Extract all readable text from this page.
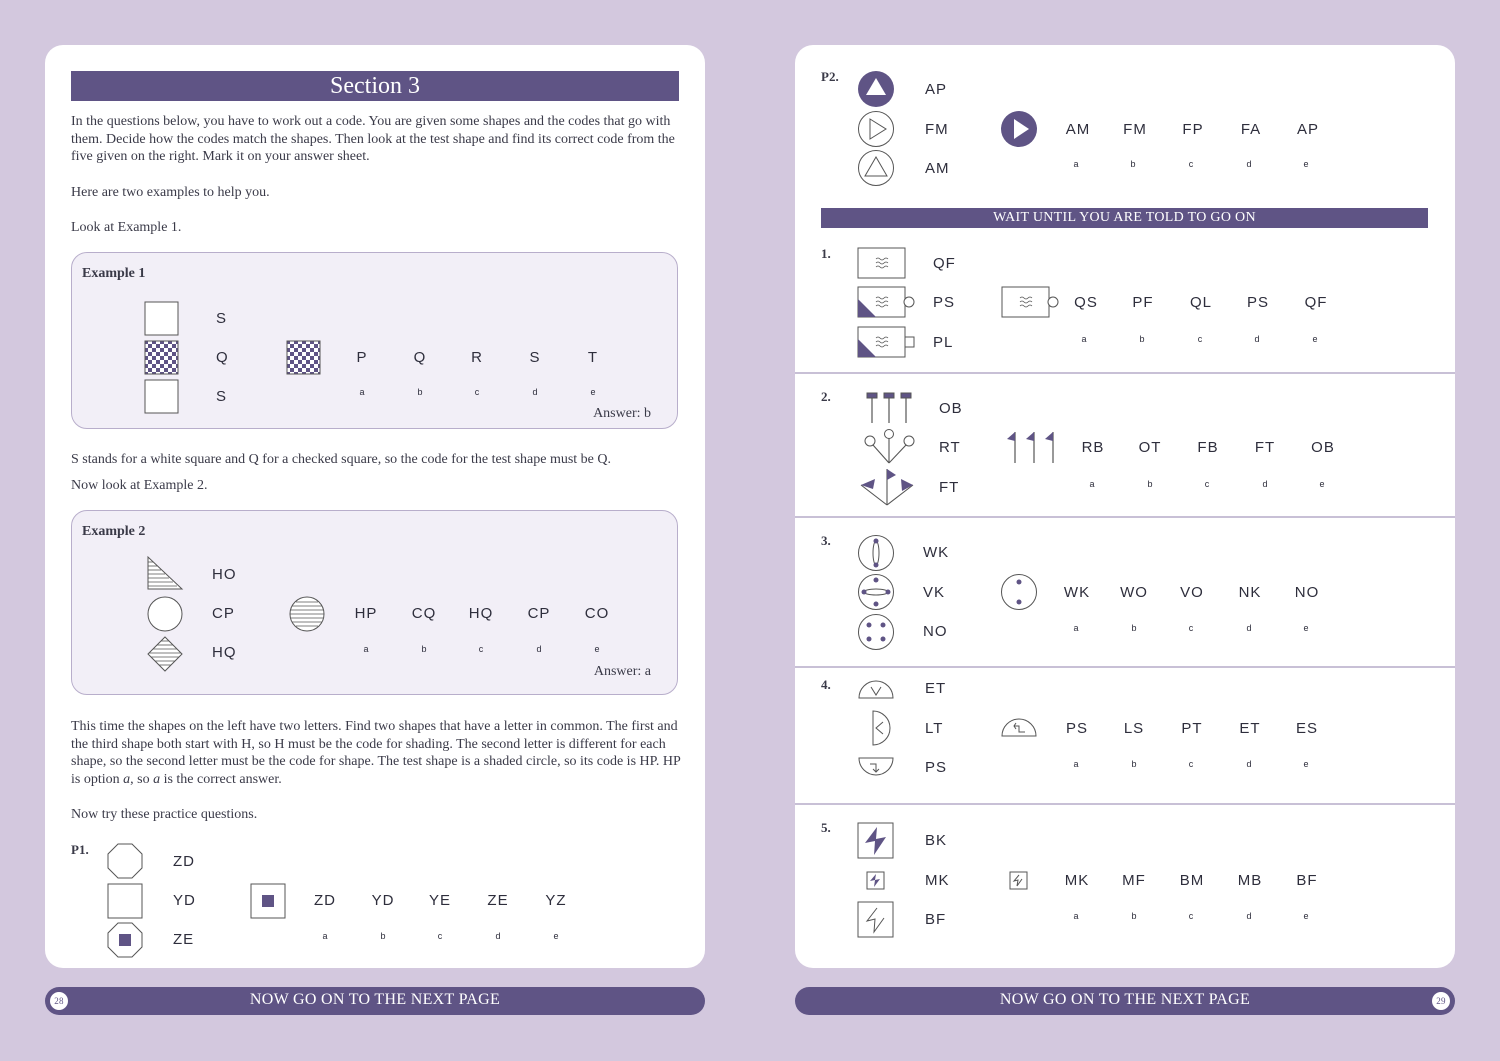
Section 3
In the questions below, you have to work out a code. You are given some shapes and the codes that go with them. Decide how the codes match the shapes. Then look at the test shape and find its correct code from the five given on the right. Mark it on your answer sheet.
Here are two examples to help you.
Look at Example 1.
Example 1
S
Q
S
P	Q	R	S	T
a	b	c	d	e
Answer: b
S stands for a white square and Q for a checked square, so the code for the test shape must be Q.
Now look at Example 2.
Example 2
HO
CP
HQ
HP	CQ	HQ	CP	CO
a	b	c	d	e
Answer: a
This time the shapes on the left have two letters. Find two shapes that have a letter in common. The first and the third shape both start with H, so H must be the code for shading. The second letter is different for each shape, so the second letter must be the code for shape. The test shape is a shaded circle, so its code is HP. HP is option a, so a is the correct answer.
Now try these practice questions.
P1.
ZD
YD
ZE
ZD	YD	YE	ZE	YZ
a	b	c	d	e
28	NOW GO ON TO THE NEXT PAGE
P2.
AP
FM
AM
AM	FM	FP	FA	AP
a	b	c	d	e
WAIT UNTIL YOU ARE TOLD TO GO ON
1.
QF
PS
PL
QS	PF	QL	PS	QF
a	b	c	d	e
2.
OB
RT
FT
RB	OT	FB	FT	OB
a	b	c	d	e
3.
WK
VK
NO
WK	WO	VO	NK	NO
a	b	c	d	e
4.	ET
LT
PS
PS	LS	PT	ET	ES
a	b	c	d	e
5.
BK
MK
BF
MK	MF	BM	MB	BF
a	b	c	d	e
NOW GO ON TO THE NEXT PAGE	29
